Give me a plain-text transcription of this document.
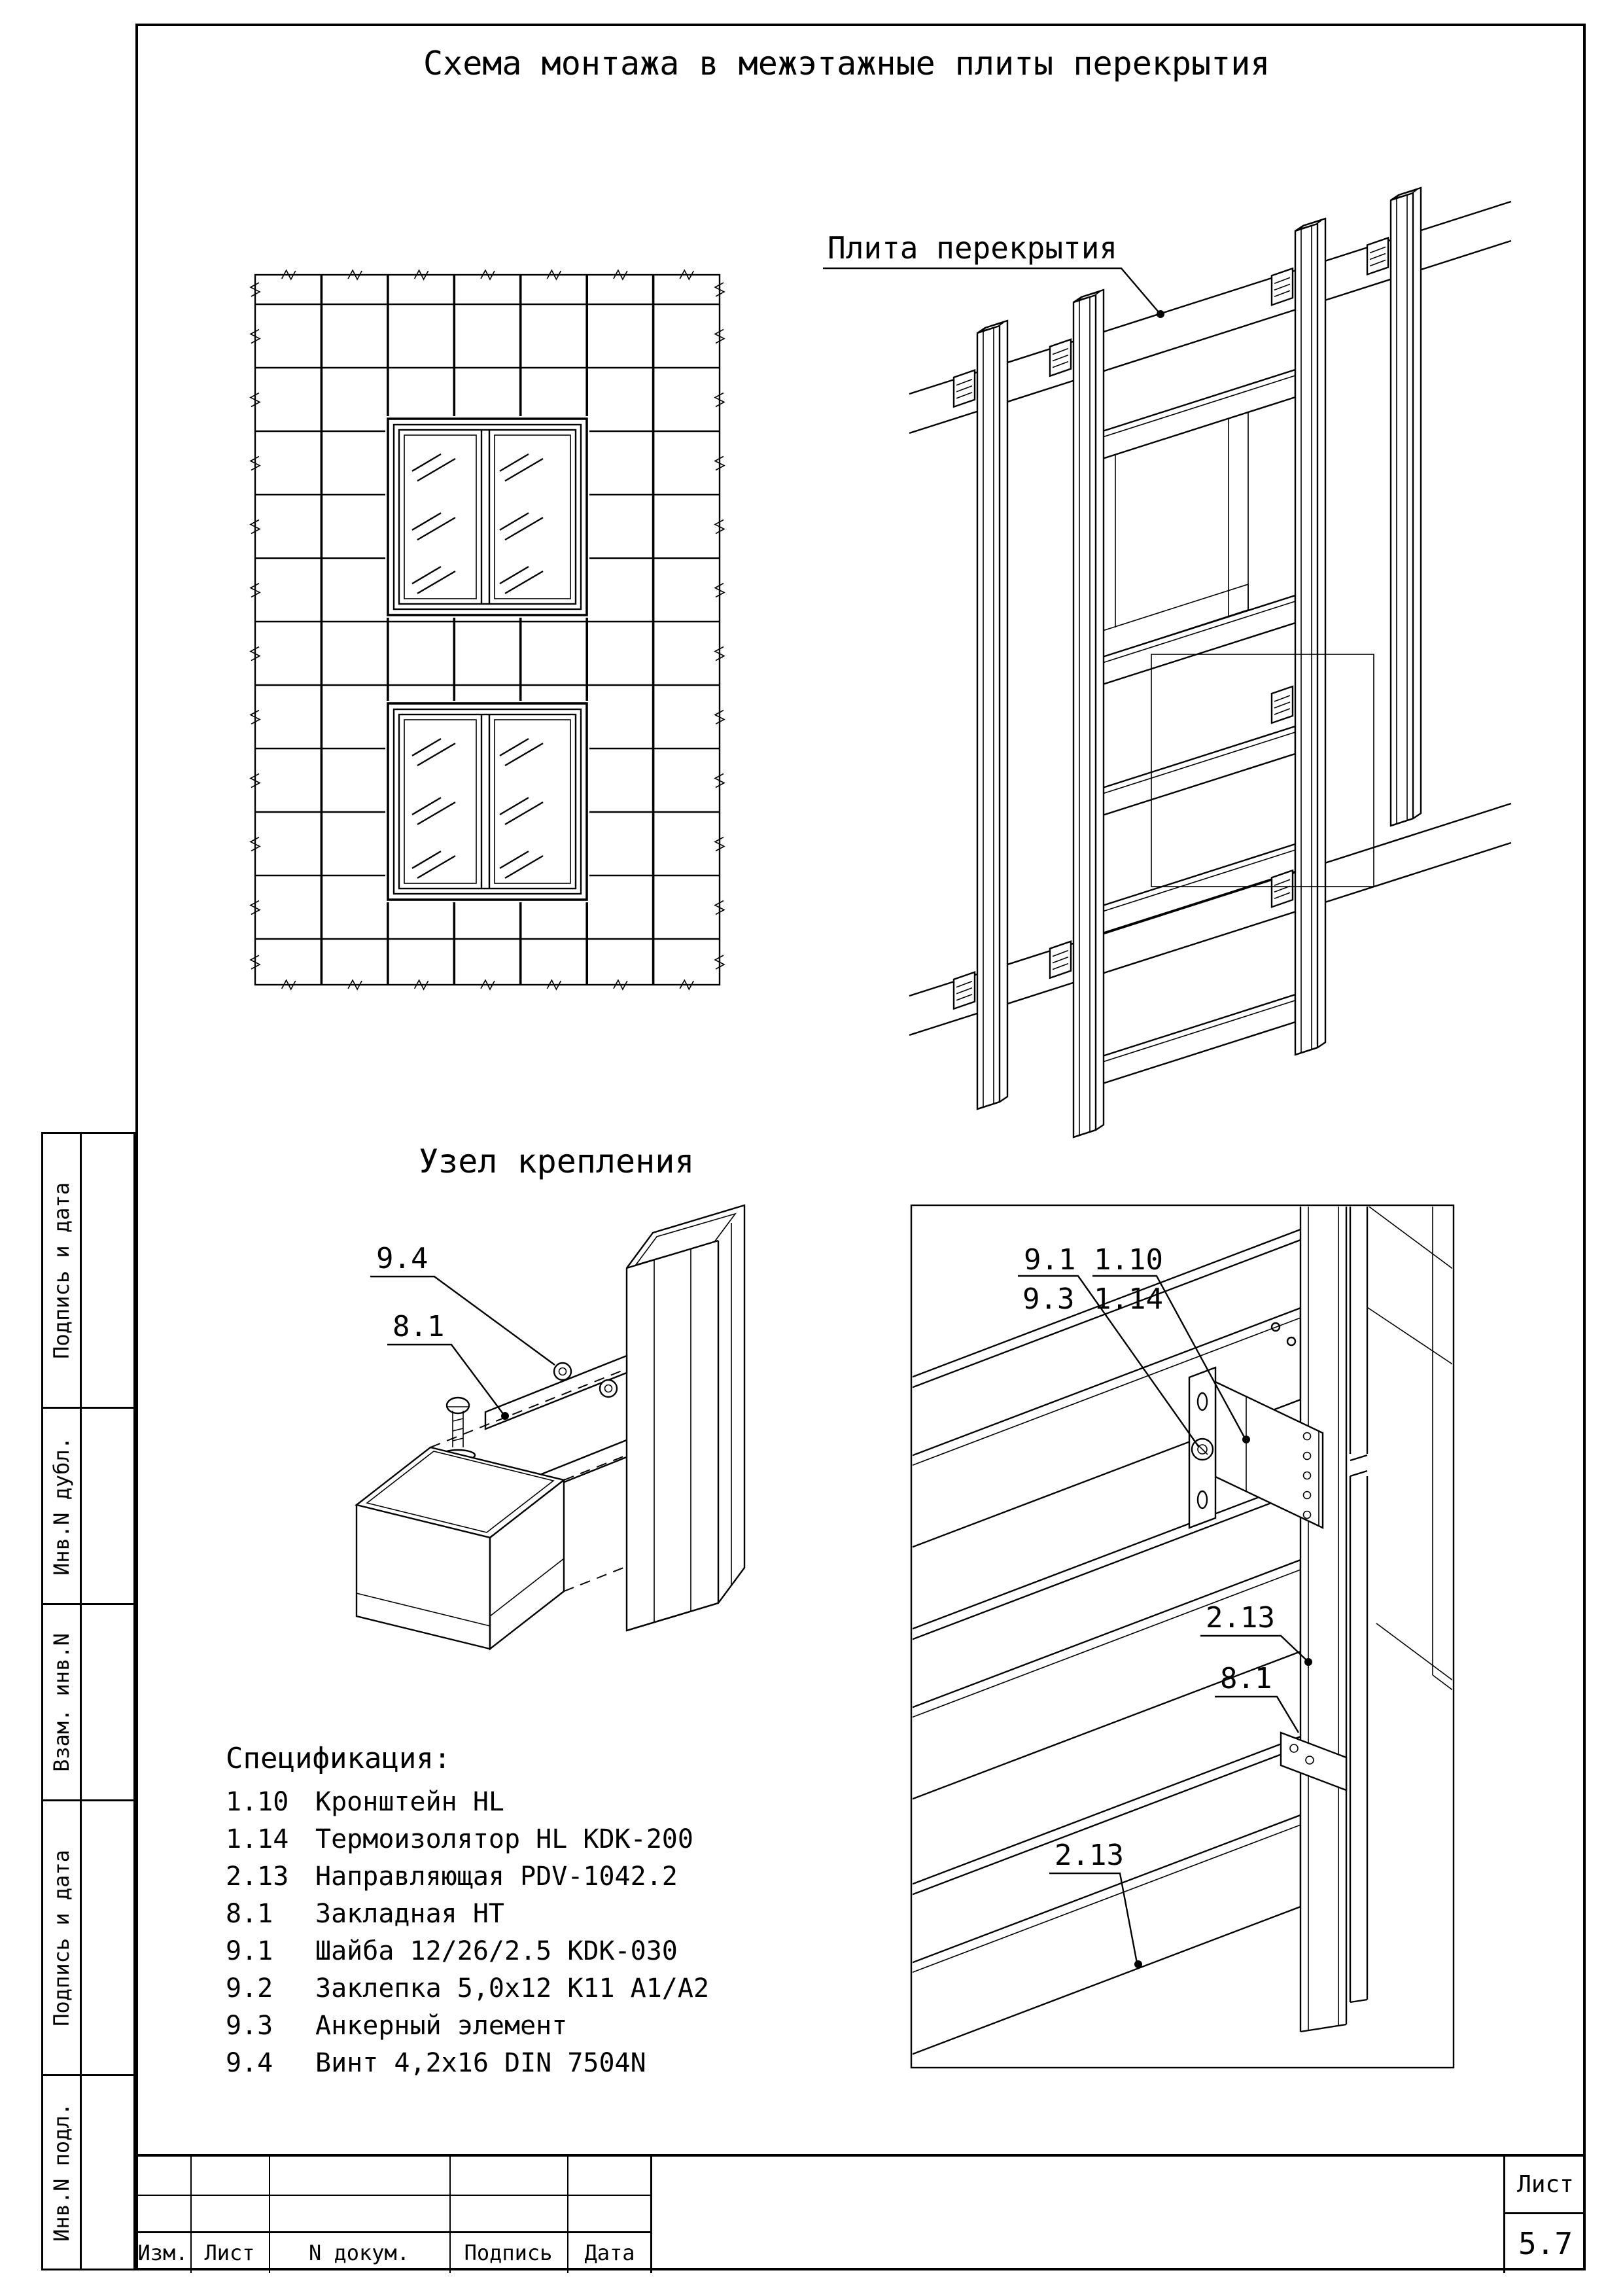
Подпись и дата
Инв.N дубл.
Взам. инв.N
Подпись и дата
Инв.N подл.
Изм. Лист	N докум.	Подпись	Дата
Лист
5.7
Схема монтажа в межэтажные плиты перекрытия
Плита перекрытия
Узел крепления
9.4
8.1
9.1
9.3
1.10
1.14
2.13
8.1
2.13
Спецификация:
1.10	Кронштейн HL
1.14	Термоизолятор HL KDK-200
2.13	Направляющая PDV-1042.2
8.1	Закладная HT
9.1	Шайба 12/26/2.5 KDK-030
9.2	Заклепка 5,0x12 K11 A1/A2
9.3	Анкерный элемент
9.4	Винт 4,2x16 DIN 7504N
